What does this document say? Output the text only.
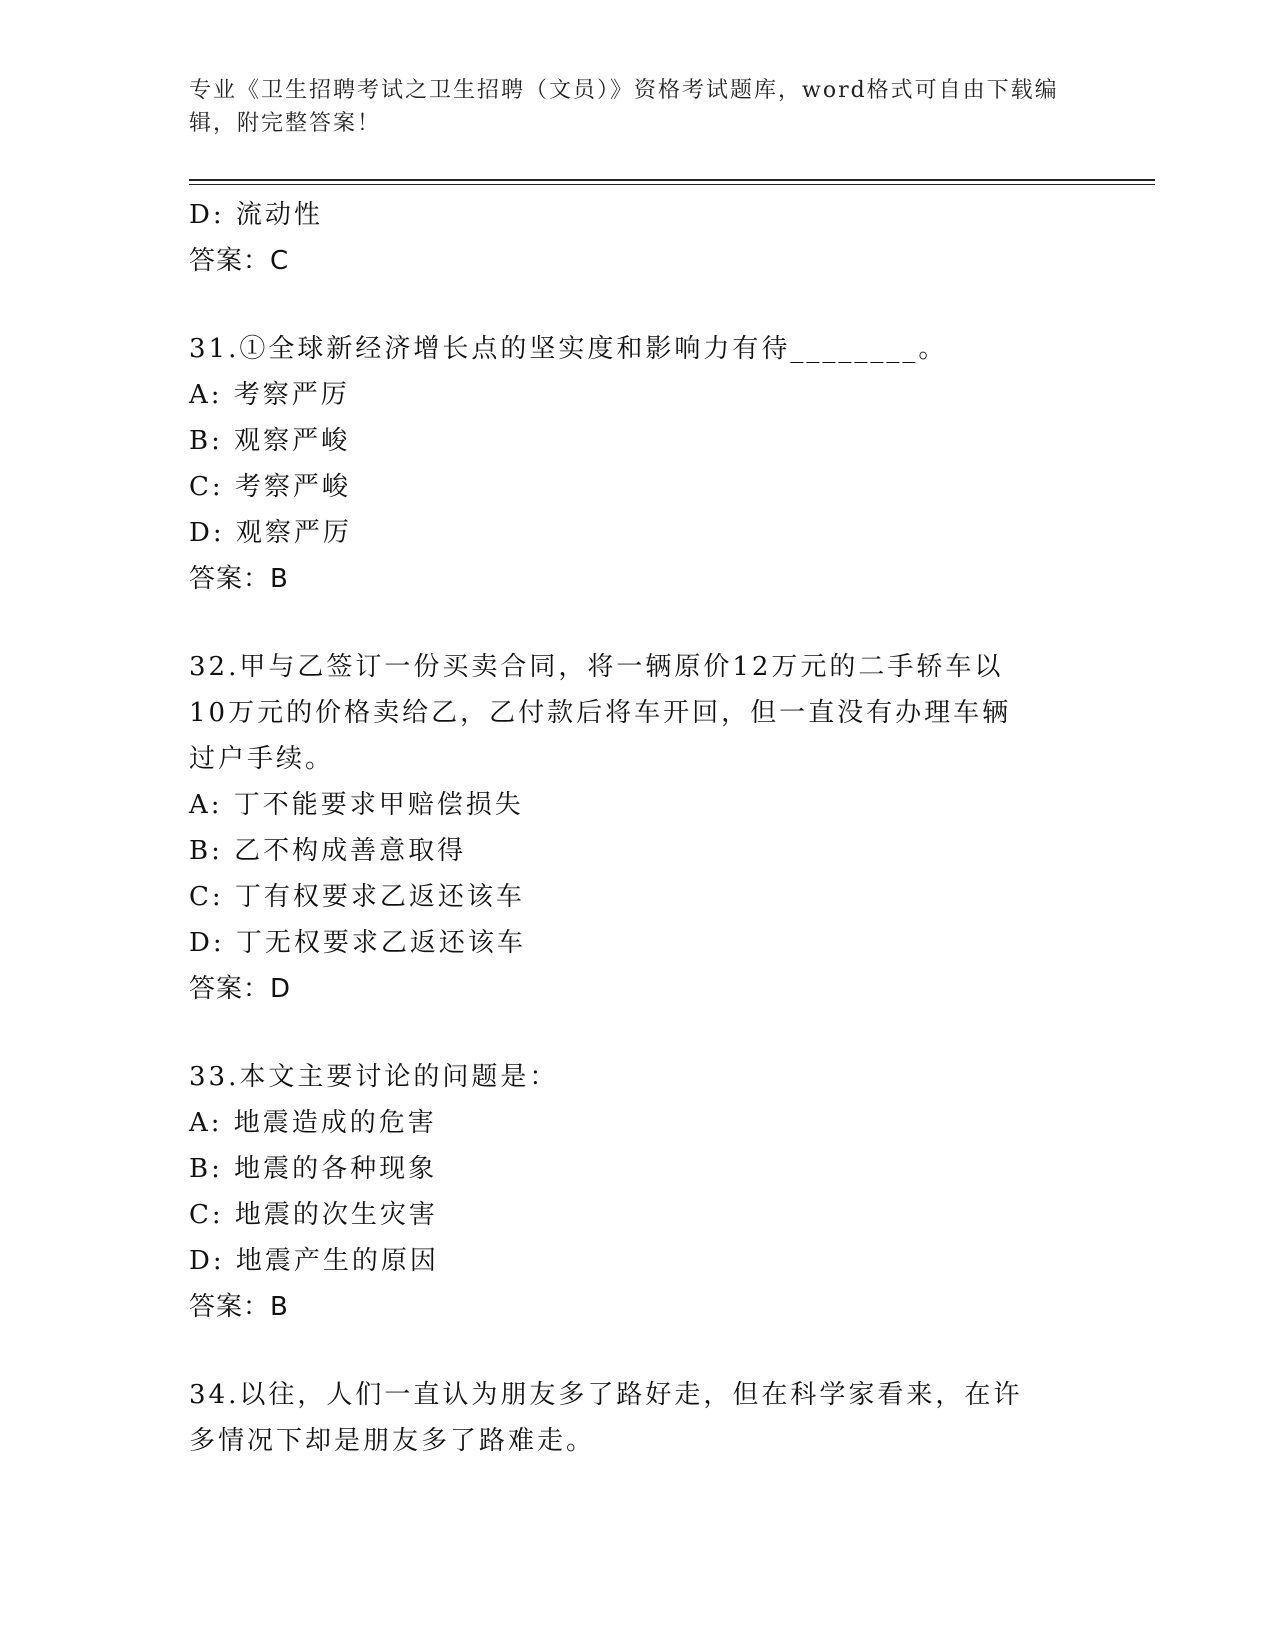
专业《卫生招聘考试之卫生招聘（文员）》资格考试题库，word格式可自由下载编辑，附完整答案！
D: 流动性
答案：C
31.①全球新经济增长点的坚实度和影响力有待________。
A: 考察严厉
B: 观察严峻
C: 考察严峻
D: 观察严厉
答案：B
32.甲与乙签订一份买卖合同，将一辆原价12万元的二手轿车以10万元的价格卖给乙，乙付款后将车开回，但一直没有办理车辆过户手续。
A: 丁不能要求甲赔偿损失
B: 乙不构成善意取得
C: 丁有权要求乙返还该车
D: 丁无权要求乙返还该车
答案：D
33.本文主要讨论的问题是：
A: 地震造成的危害
B: 地震的各种现象
C: 地震的次生灾害
D: 地震产生的原因
答案：B
34.以往，人们一直认为朋友多了路好走，但在科学家看来，在许多情况下却是朋友多了路难走。
